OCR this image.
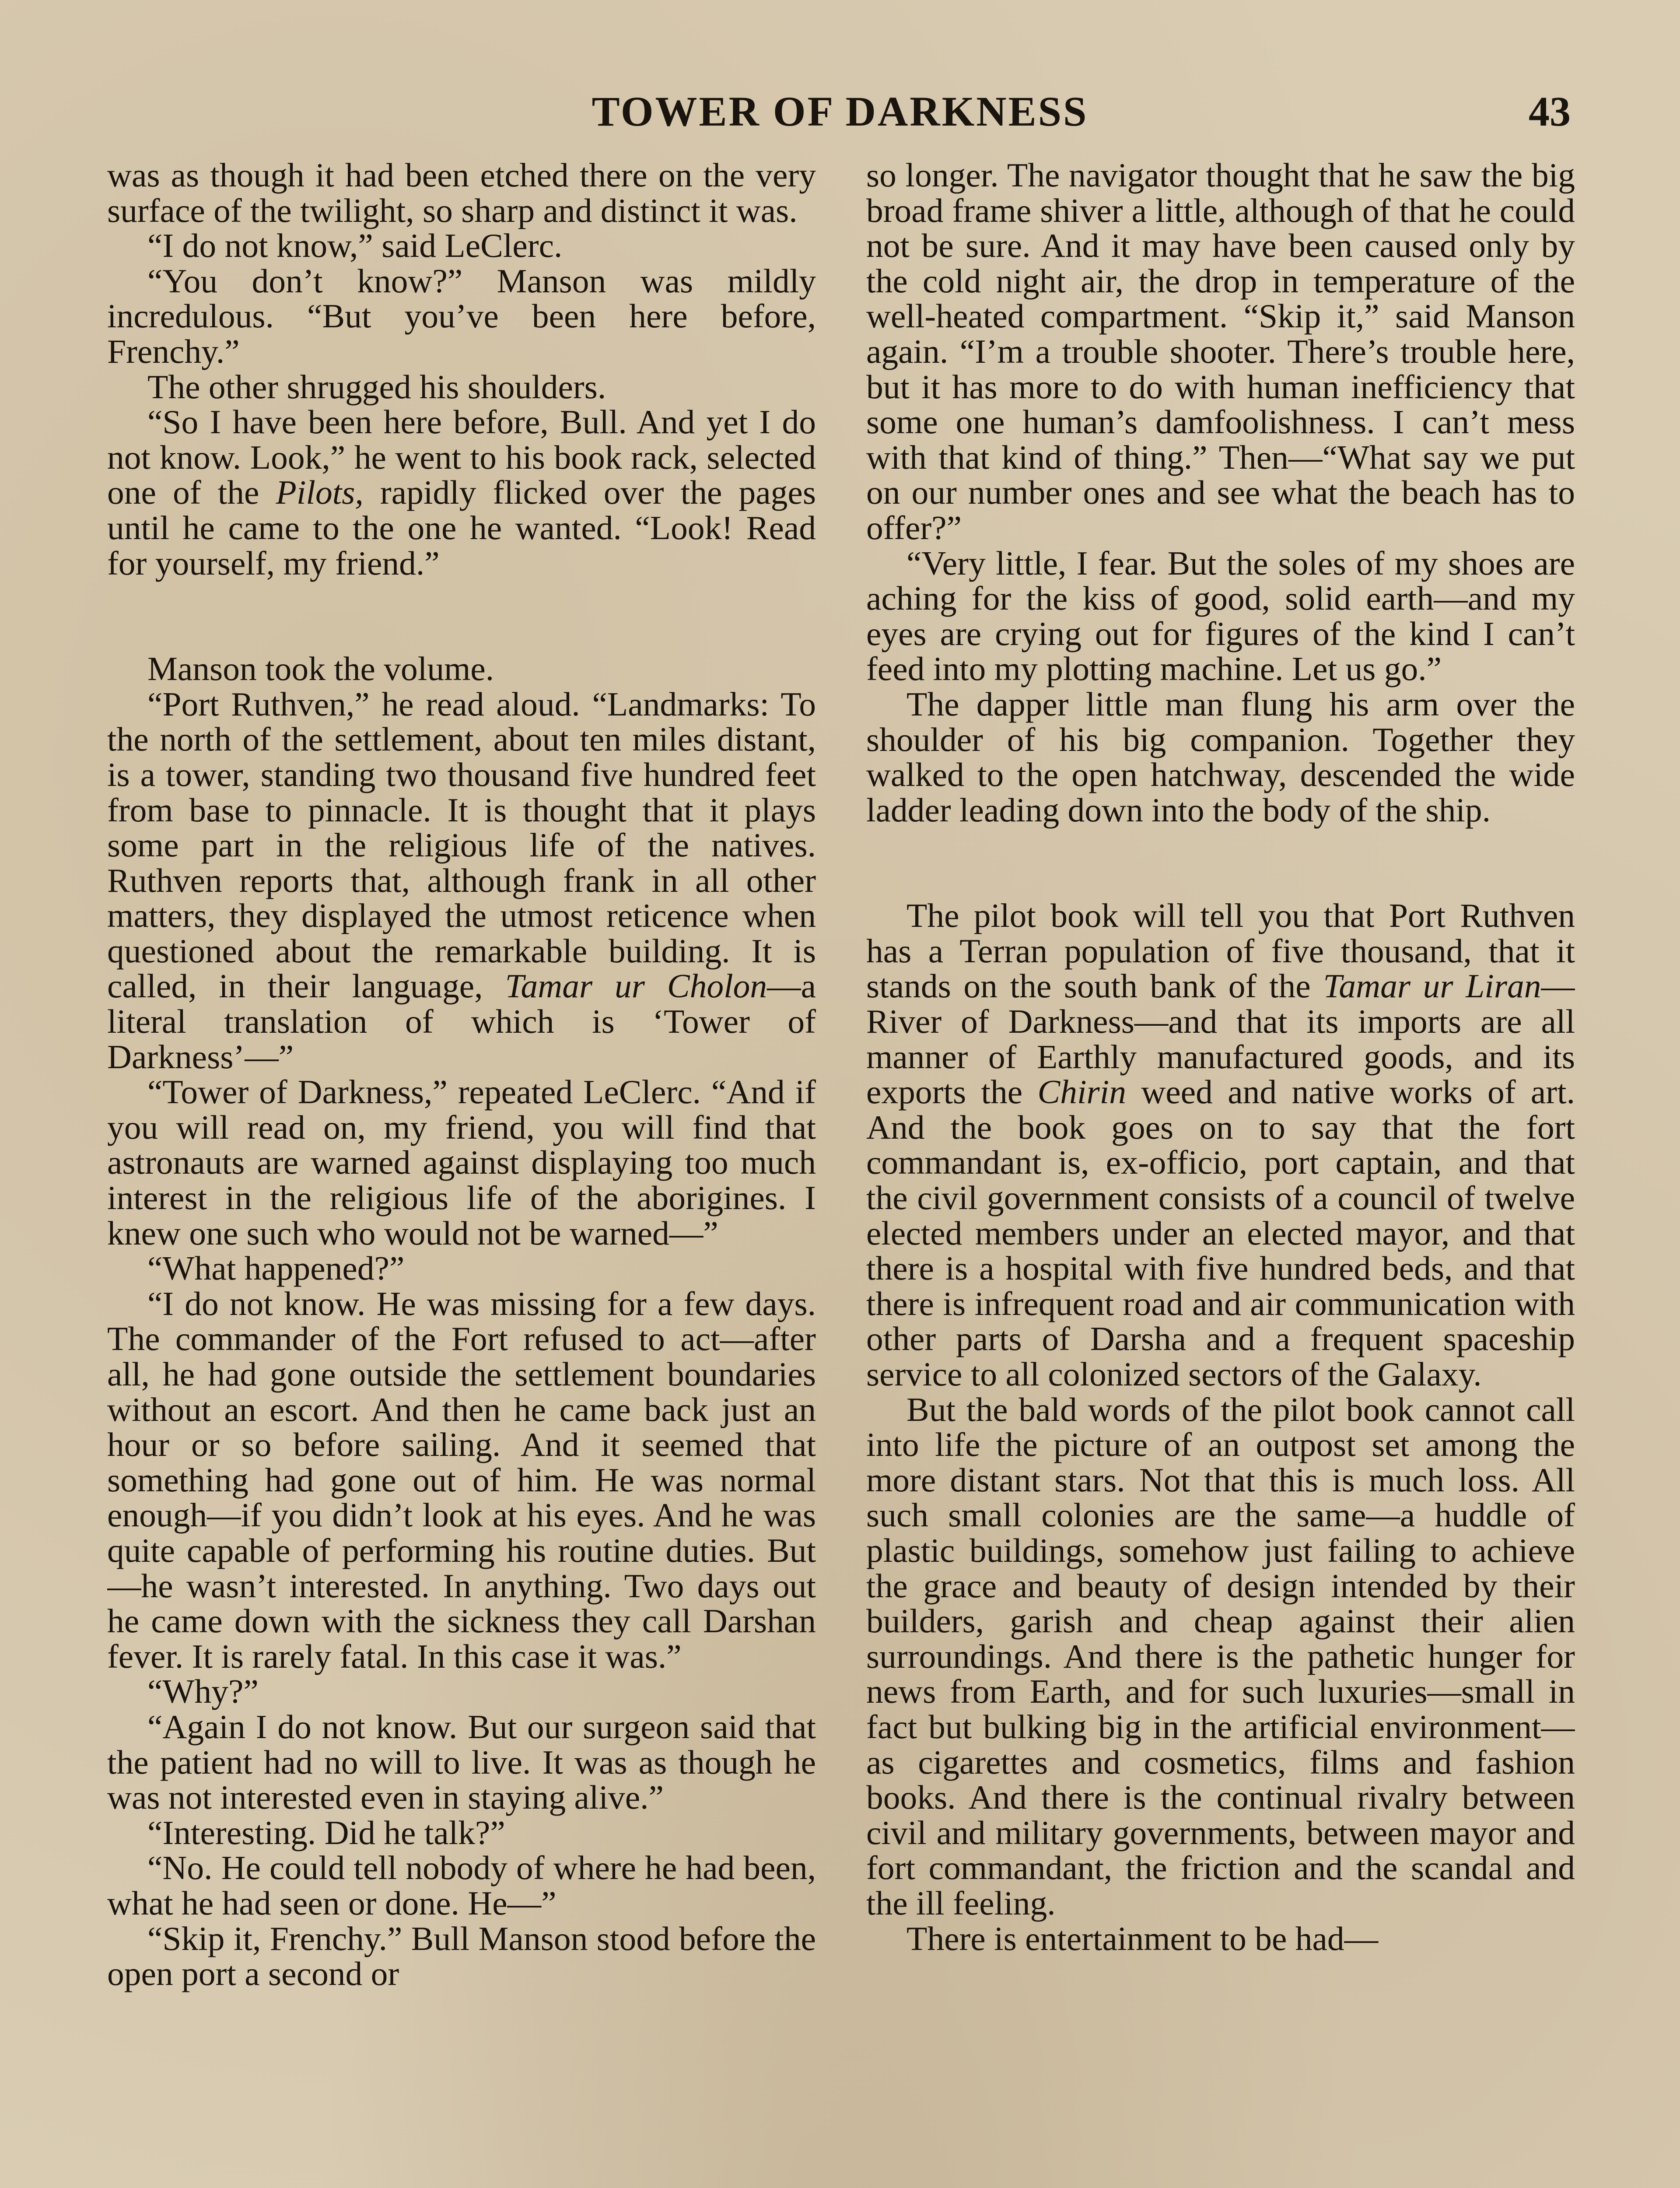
TOWER OF DARKNESS	43

was as though it had been etched there on the very surface of the twilight, so sharp and distinct it was.

“I do not know,” said LeClerc.

“You don’t know?” Manson was mildly incredulous. “But you’ve been here before, Frenchy.”

The other shrugged his shoulders.

“So I have been here before, Bull. And yet I do not know. Look,” he went to his book rack, selected one of the Pilots, rapidly flicked over the pages until he came to the one he wanted. “Look! Read for yourself, my friend.”

Manson took the volume.

“Port Ruthven,” he read aloud. “Landmarks: To the north of the settlement, about ten miles distant, is a tower, standing two thousand five hundred feet from base to pinnacle. It is thought that it plays some part in the religious life of the natives. Ruthven reports that, although frank in all other matters, they displayed the utmost reticence when questioned about the remarkable building. It is called, in their language, Tamar ur Cholon—a literal translation of which is ‘Tower of Darkness’—”

“Tower of Darkness,” repeated LeClerc. “And if you will read on, my friend, you will find that astronauts are warned against displaying too much interest in the religious life of the aborigines. I knew one such who would not be warned—”

“What happened?”

“I do not know. He was missing for a few days. The commander of the Fort refused to act—after all, he had gone outside the settlement boundaries without an escort. And then he came back just an hour or so before sailing. And it seemed that something had gone out of him. He was normal enough—if you didn’t look at his eyes. And he was quite capable of performing his routine duties. But—he wasn’t interested. In anything. Two days out he came down with the sickness they call Darshan fever. It is rarely fatal. In this case it was.”

“Why?”

“Again I do not know. But our surgeon said that the patient had no will to live. It was as though he was not interested even in staying alive.”

“Interesting. Did he talk?”

“No. He could tell nobody of where he had been, what he had seen or done. He—”

“Skip it, Frenchy.” Bull Manson stood before the open port a second or

so longer. The navigator thought that he saw the big broad frame shiver a little, although of that he could not be sure. And it may have been caused only by the cold night air, the drop in temperature of the well-heated compartment. “Skip it,” said Manson again. “I’m a trouble shooter. There’s trouble here, but it has more to do with human inefficiency that some one human’s damfoolishness. I can’t mess with that kind of thing.” Then—“What say we put on our number ones and see what the beach has to offer?”

“Very little, I fear. But the soles of my shoes are aching for the kiss of good, solid earth—and my eyes are crying out for figures of the kind I can’t feed into my plotting machine. Let us go.”

The dapper little man flung his arm over the shoulder of his big companion. Together they walked to the open hatchway, descended the wide ladder leading down into the body of the ship.

The pilot book will tell you that Port Ruthven has a Terran population of five thousand, that it stands on the south bank of the Tamar ur Liran—River of Darkness—and that its imports are all manner of Earthly manufactured goods, and its exports the Chirin weed and native works of art. And the book goes on to say that the fort commandant is, ex-officio, port captain, and that the civil government consists of a council of twelve elected members under an elected mayor, and that there is a hospital with five hundred beds, and that there is infrequent road and air communication with other parts of Darsha and a frequent spaceship service to all colonized sectors of the Galaxy.

But the bald words of the pilot book cannot call into life the picture of an outpost set among the more distant stars. Not that this is much loss. All such small colonies are the same—a huddle of plastic buildings, somehow just failing to achieve the grace and beauty of design intended by their builders, garish and cheap against their alien surroundings. And there is the pathetic hunger for news from Earth, and for such luxuries—small in fact but bulking big in the artificial environment—as cigarettes and cosmetics, films and fashion books. And there is the continual rivalry between civil and military governments, between mayor and fort commandant, the friction and the scandal and the ill feeling.

There is entertainment to be had—
